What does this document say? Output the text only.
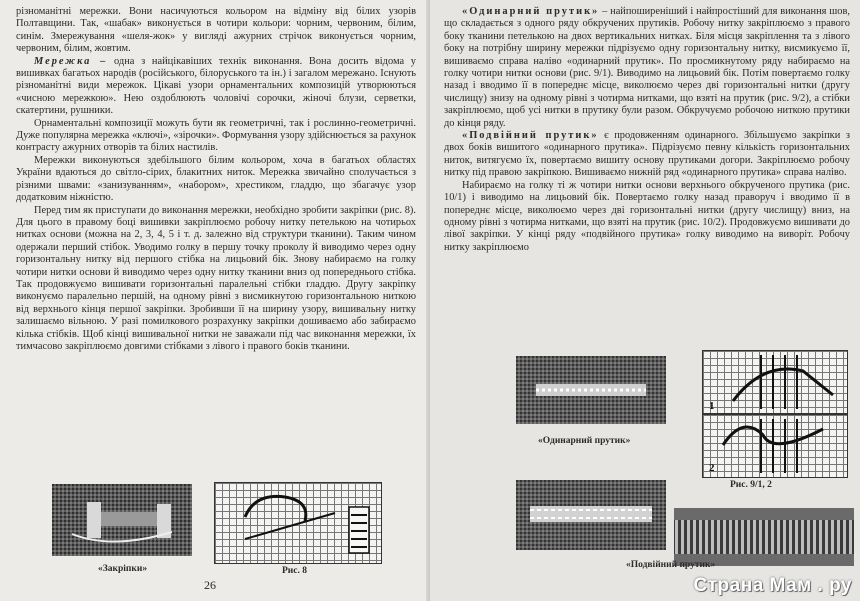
різноманітні мережки. Вони насичуються кольором на відміну від білих узорів Полтавщини. Так, «шабак» виконується в чотири кольори: чорним, червоним, білим, синім. Змережування «шеля-жок» у вигляді ажурних стрічок виконується чорним, червоним, білим, жовтим.

Мережка – одна з найцікавіших технік виконання. Вона досить відома у вишивках багатьох народів (російського, білоруського та ін.) і загалом мережано. Існують різноманітні види мережок. Цікаві узори орнаментальних композицій утворюються «чисною мережкою». Нею оздоблюють чоловічі сорочки, жіночі блузи, серветки, скатертини, рушники.

Орнаментальні композиції можуть бути як геометричні, так і рослинно-геометричні. Дуже популярна мережка «ключі», «зірочки». Формування узору здійснюється за рахунок контрасту ажурних отворів та білих настилів.

Мережки виконуються здебільшого білим кольором, хоча в багатьох областях України вдаються до світло-сірих, блакитних ниток. Мережка звичайно сполучається з різними швами: «занизуванням», «набором», хрестиком, гладдю, що збагачує узор додатковим ніжністю.

Перед тим як приступати до виконання мережки, необхідно зробити закріпки (рис. 8). Для цього в правому боці вишивки закріплюємо робочу нитку петелькою на чотирьох нитках основи (можна на 2, 3, 4, 5 і т. д. залежно від структури тканини). Таким чином одержали перший стібок. Уводимо голку в першу точку проколу й виводимо через одну горизонтальну нитку від першого стібка на лицьовий бік. Знову набираємо на голку чотири нитки основи й виводимо через одну нитку тканини вниз од попереднього стібка. Так продовжуємо вишивати горизонтальні паралельні стібки гладдю. Другу закріпку виконуємо паралельно першій, на одному рівні з висмикнутою горизонтальною ниткою від верхнього кінця першої закріпки. Зробивши її на ширину узору, вишивальну нитку залишаємо вільною. У разі помилкового розрахунку закріпки дошиваємо або забираємо кілька стібків. Щоб кінці вишивальної нитки не заважали під час виконання мережки, їх тимчасово закріплюємо довгими стібками з лівого і правого боків тканини.

«Закріпки»	Рис. 8
26

«Одинарний прутик» – найпоширеніший і найпростіший для виконання шов, що складається з одного ряду обкручених прутиків. Робочу нитку закріплюємо з правого боку тканини петелькою на двох вертикальних нитках. Біля місця закріплення та з лівого боку на потрібну ширину мережки підрізуємо одну горизонтальну нитку, висмикуємо її, вишиваємо справа наліво «одинарний прутик». По просмикнутому ряду набираємо на голку чотири нитки основи (рис. 9/1). Виводимо на лицьовий бік. Потім повертаємо голку назад і вводимо її в попереднє місце, виколюємо через дві горизонтальні нитки (другу числищу) знизу на одному рівні з чотирма нитками, що взяті на прутик (рис. 9/2), а стібки закріплюємо, щоб усі нитки в прутику були разом. Обкручуємо робочою ниткою прутики до кінця ряду.

«Подвійний прутик» є продовженням одинарного. Збільшуємо закріпки з двох боків вишитого «одинарного прутика». Підрізуємо певну кількість горизонтальних ниток, витягуємо їх, повертаємо вишиту основу прутиками догори. Закріплюємо робочу нитку під правою закріпкою. Вишиваємо нижній ряд «одинарного прутика» справа наліво.

Набираємо на голку ті ж чотири нитки основи верхнього обкрученого прутика (рис. 10/1) і виводимо на лицьовий бік. Повертаємо голку назад праворуч і вводимо її в попереднє місце, виколюємо через дві горизонтальні нитки (другу числищу) вниз, на одному рівні з чотирма нитками, що взяті на прутик (рис. 10/2). Продовжуємо вишивати до лівої закріпки. У кінці ряду «подвійного прутика» голку виводимо на виворіт. Робочу нитку закріплюємо

1
2
«Одинарний прутик»
Рис. 9/1, 2
«Подвійний прутик»
Страна Мам . ру
